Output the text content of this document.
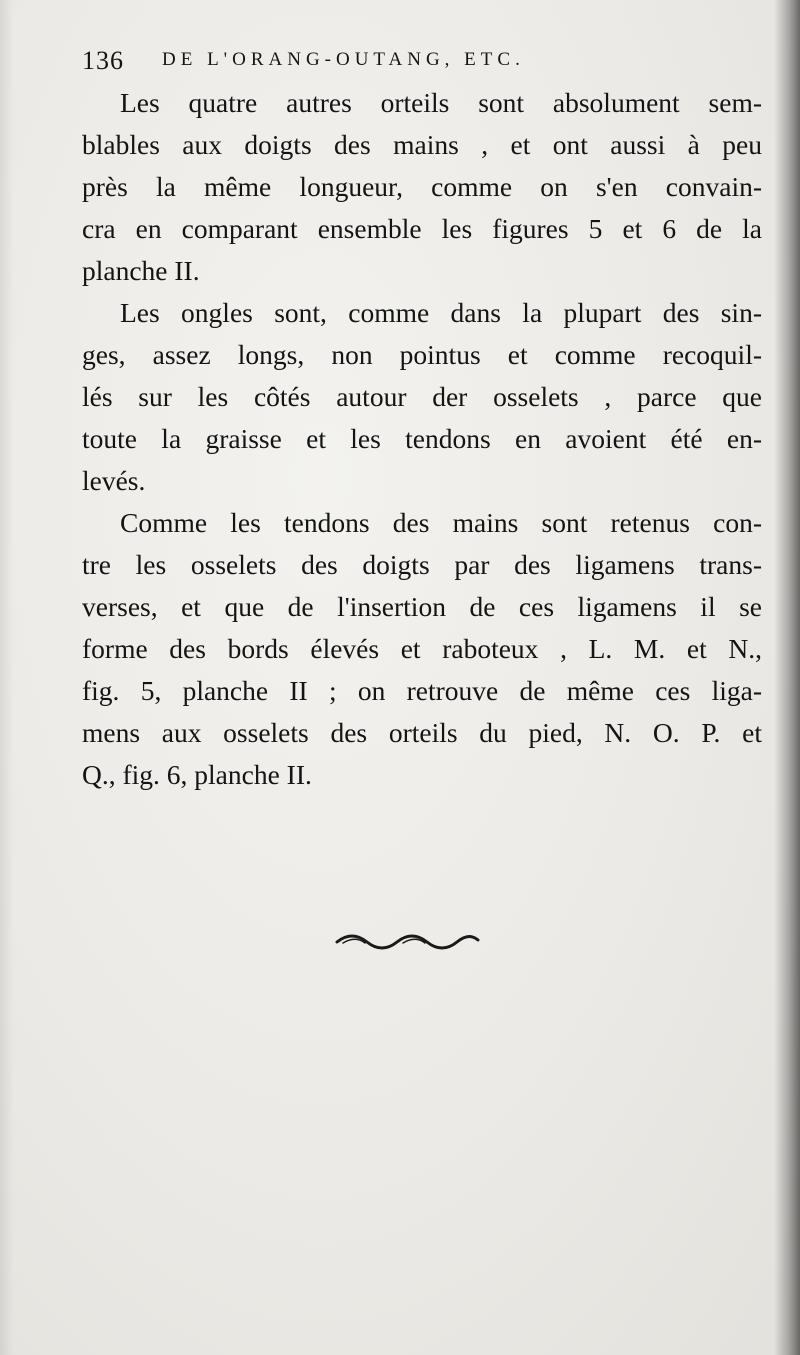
136 DE L'ORANG-OUTANG, ETC.

Les quatre autres orteils sont absolument sem-
blables aux doigts des mains , et ont aussi à peu
près la même longueur, comme on s'en convain-
cra en comparant ensemble les figures 5 et 6 de la
planche II.

Les ongles sont, comme dans la plupart des sin-
ges, assez longs, non pointus et comme recoquil-
lés sur les côtés autour der osselets , parce que
toute la graisse et les tendons en avoient été en-
levés.

Comme les tendons des mains sont retenus con-
tre les osselets des doigts par des ligamens trans-
verses, et que de l'insertion de ces ligamens il se
forme des bords élevés et raboteux , L. M. et N.,
fig. 5, planche II ; on retrouve de même ces liga-
mens aux osselets des orteils du pied, N. O. P. et
Q., fig. 6, planche II.
